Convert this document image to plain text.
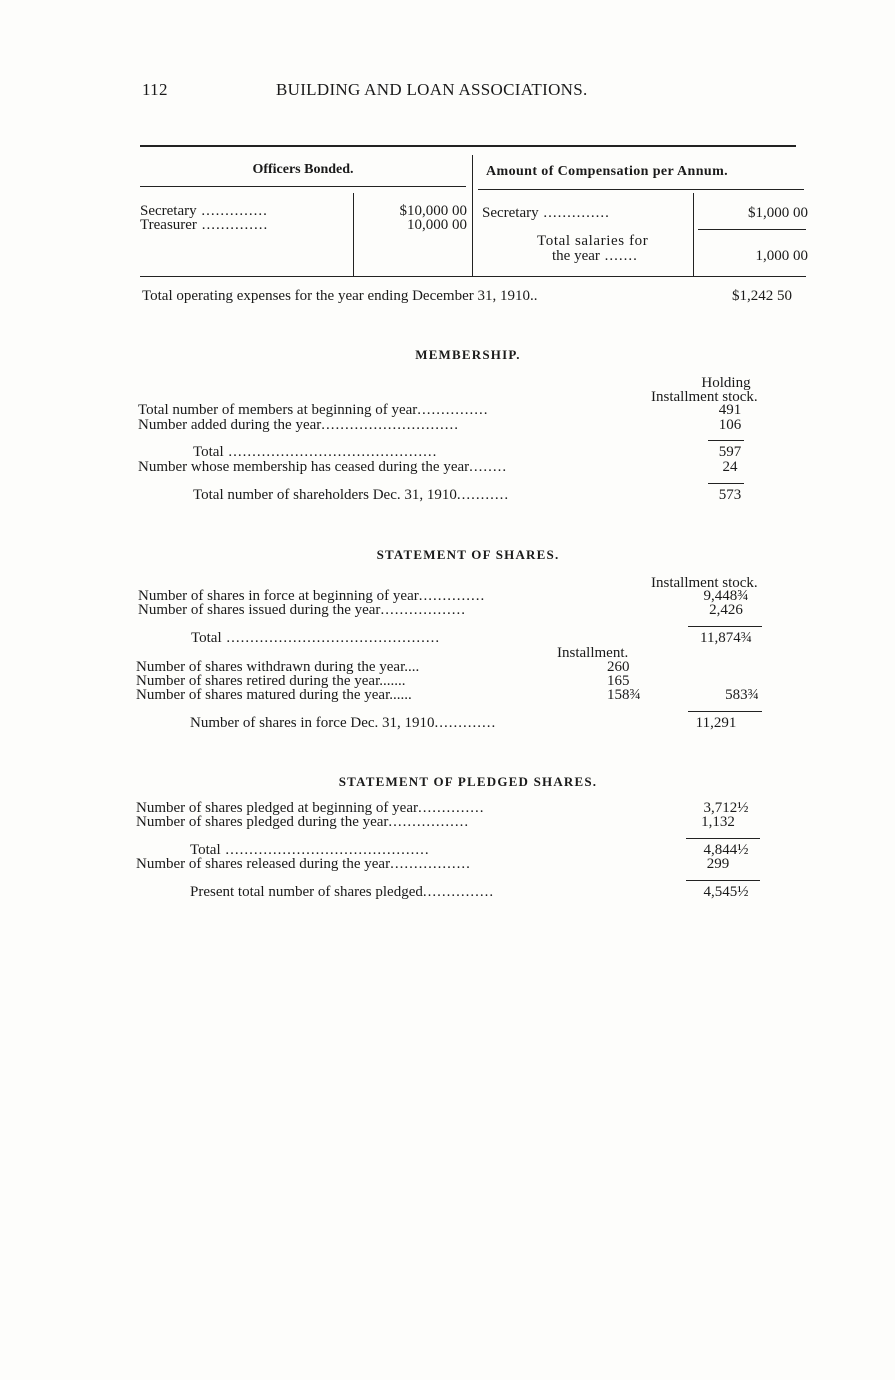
112	BUILDING AND LOAN ASSOCIATIONS.
Officers Bonded.	Amount of Compensation per Annum.
Secretary ..............	$10,000 00
Treasurer ..............	10,000 00
Secretary ..............	$1,000 00
Total salaries for
the year .......	1,000 00
Total operating expenses for the year ending December 31, 1910..	$1,242 50
MEMBERSHIP.
Holding
Installment stock.
Total number of members at beginning of year...............	491
Number added during the year.............................	106
Total ............................................	597
Number whose membership has ceased during the year........	24
Total number of shareholders Dec. 31, 1910...........	573
STATEMENT OF SHARES.
Installment stock.
Number of shares in force at beginning of year..............	9,448¾
Number of shares issued during the year..................	2,426
Total .............................................	11,874¾
Installment.
Number of shares withdrawn during the year....	260
Number of shares retired during the year.......	165
Number of shares matured during the year......	158¾	583¾
Number of shares in force Dec. 31, 1910.............	11,291
STATEMENT OF PLEDGED SHARES.
Number of shares pledged at beginning of year..............	3,712½
Number of shares pledged during the year.................	1,132
Total ...........................................	4,844½
Number of shares released during the year.................	299
Present total number of shares pledged...............	4,545½
